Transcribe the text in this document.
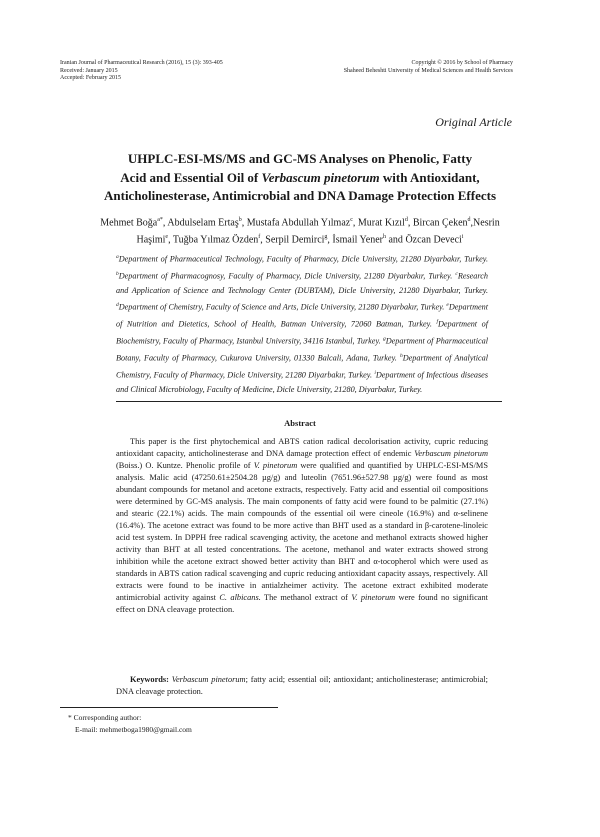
Iranian Journal of Pharmaceutical Research (2016), 15 (3): 393-405
Received: January 2015
Accepted: February 2015
Copyright © 2016 by School of Pharmacy
Shaheed Beheshti University of Medical Sciences and Health Services
Original Article
UHPLC-ESI-MS/MS and GC-MS Analyses on Phenolic, Fatty
Acid and Essential Oil of Verbascum pinetorum with Antioxidant,
Anticholinesterase, Antimicrobial and DNA Damage Protection Effects
Mehmet Boğa$^{a*}$, Abdulselam Ertaş$^b$, Mustafa Abdullah Yılmaz$^c$, Murat Kızıl$^d$, Bircan Çeken$^d$,Nesrin Haşimi$^e$, Tuğba Yılmaz Özden$^f$, Serpil Demirci$^g$, İsmail Yener$^h$ and Özcan Deveci$^i$
$^a$Department of Pharmaceutical Technology, Faculty of Pharmacy, Dicle University, 21280 Diyarbakır, Turkey. $^b$Department of Pharmacognosy, Faculty of Pharmacy, Dicle University, 21280 Diyarbakır, Turkey. $^c$Research and Application of Science and Technology Center (DUBTAM), Dicle University, 21280 Diyarbakır, Turkey. $^d$Department of Chemistry, Faculty of Science and Arts, Dicle University, 21280 Diyarbakır, Turkey. $^e$Department of Nutrition and Dietetics, School of Health, Batman University, 72060 Batman, Turkey. $^f$Department of Biochemistry, Faculty of Pharmacy, Istanbul University, 34116 Istanbul, Turkey. $^g$Department of Pharmaceutical Botany, Faculty of Pharmacy, Cukurova University, 01330 Balcali, Adana, Turkey. $^h$Department of Analytical Chemistry, Faculty of Pharmacy, Dicle University, 21280 Diyarbakır, Turkey. $^i$Department of Infectious diseases and Clinical Microbiology, Faculty of Medicine, Dicle University, 21280, Diyarbakır, Turkey.
Abstract
This paper is the first phytochemical and ABTS cation radical decolorisation activity, cupric reducing antioxidant capacity, anticholinesterase and DNA damage protection effect of endemic Verbascum pinetorum (Boiss.) O. Kuntze. Phenolic profile of V. pinetorum were qualified and quantified by UHPLC-ESI-MS/MS analysis. Malic acid (47250.61±2504.28 µg/g) and luteolin (7651.96±527.98 µg/g) were found as most abundant compounds for metanol and acetone extracts, respectively. Fatty acid and essential oil compositions were determined by GC-MS analysis. The main components of fatty acid were found to be palmitic (27.1%) and stearic (22.1%) acids. The main compounds of the essential oil were cineole (16.9%) and α-selinene (16.4%). The acetone extract was found to be more active than BHT used as a standard in β-carotene-linoleic acid test system. In DPPH free radical scavenging activity, the acetone and methanol extracts showed higher activity than BHT at all tested concentrations. The acetone, methanol and water extracts showed strong inhibition while the acetone extract showed better activity than BHT and α-tocopherol which were used as standards in ABTS cation radical scavenging and cupric reducing antioxidant capacity assays, respectively. All extracts were found to be inactive in antialzheimer activity. The acetone extract exhibited moderate antimicrobial activity against C. albicans. The methanol extract of V. pinetorum were found no significant effect on DNA cleavage protection.
Keywords: Verbascum pinetorum; fatty acid; essential oil; antioxidant; anticholinesterase; antimicrobial; DNA cleavage protection.
* Corresponding author:
E-mail: mehmetboga1980@gmail.com
